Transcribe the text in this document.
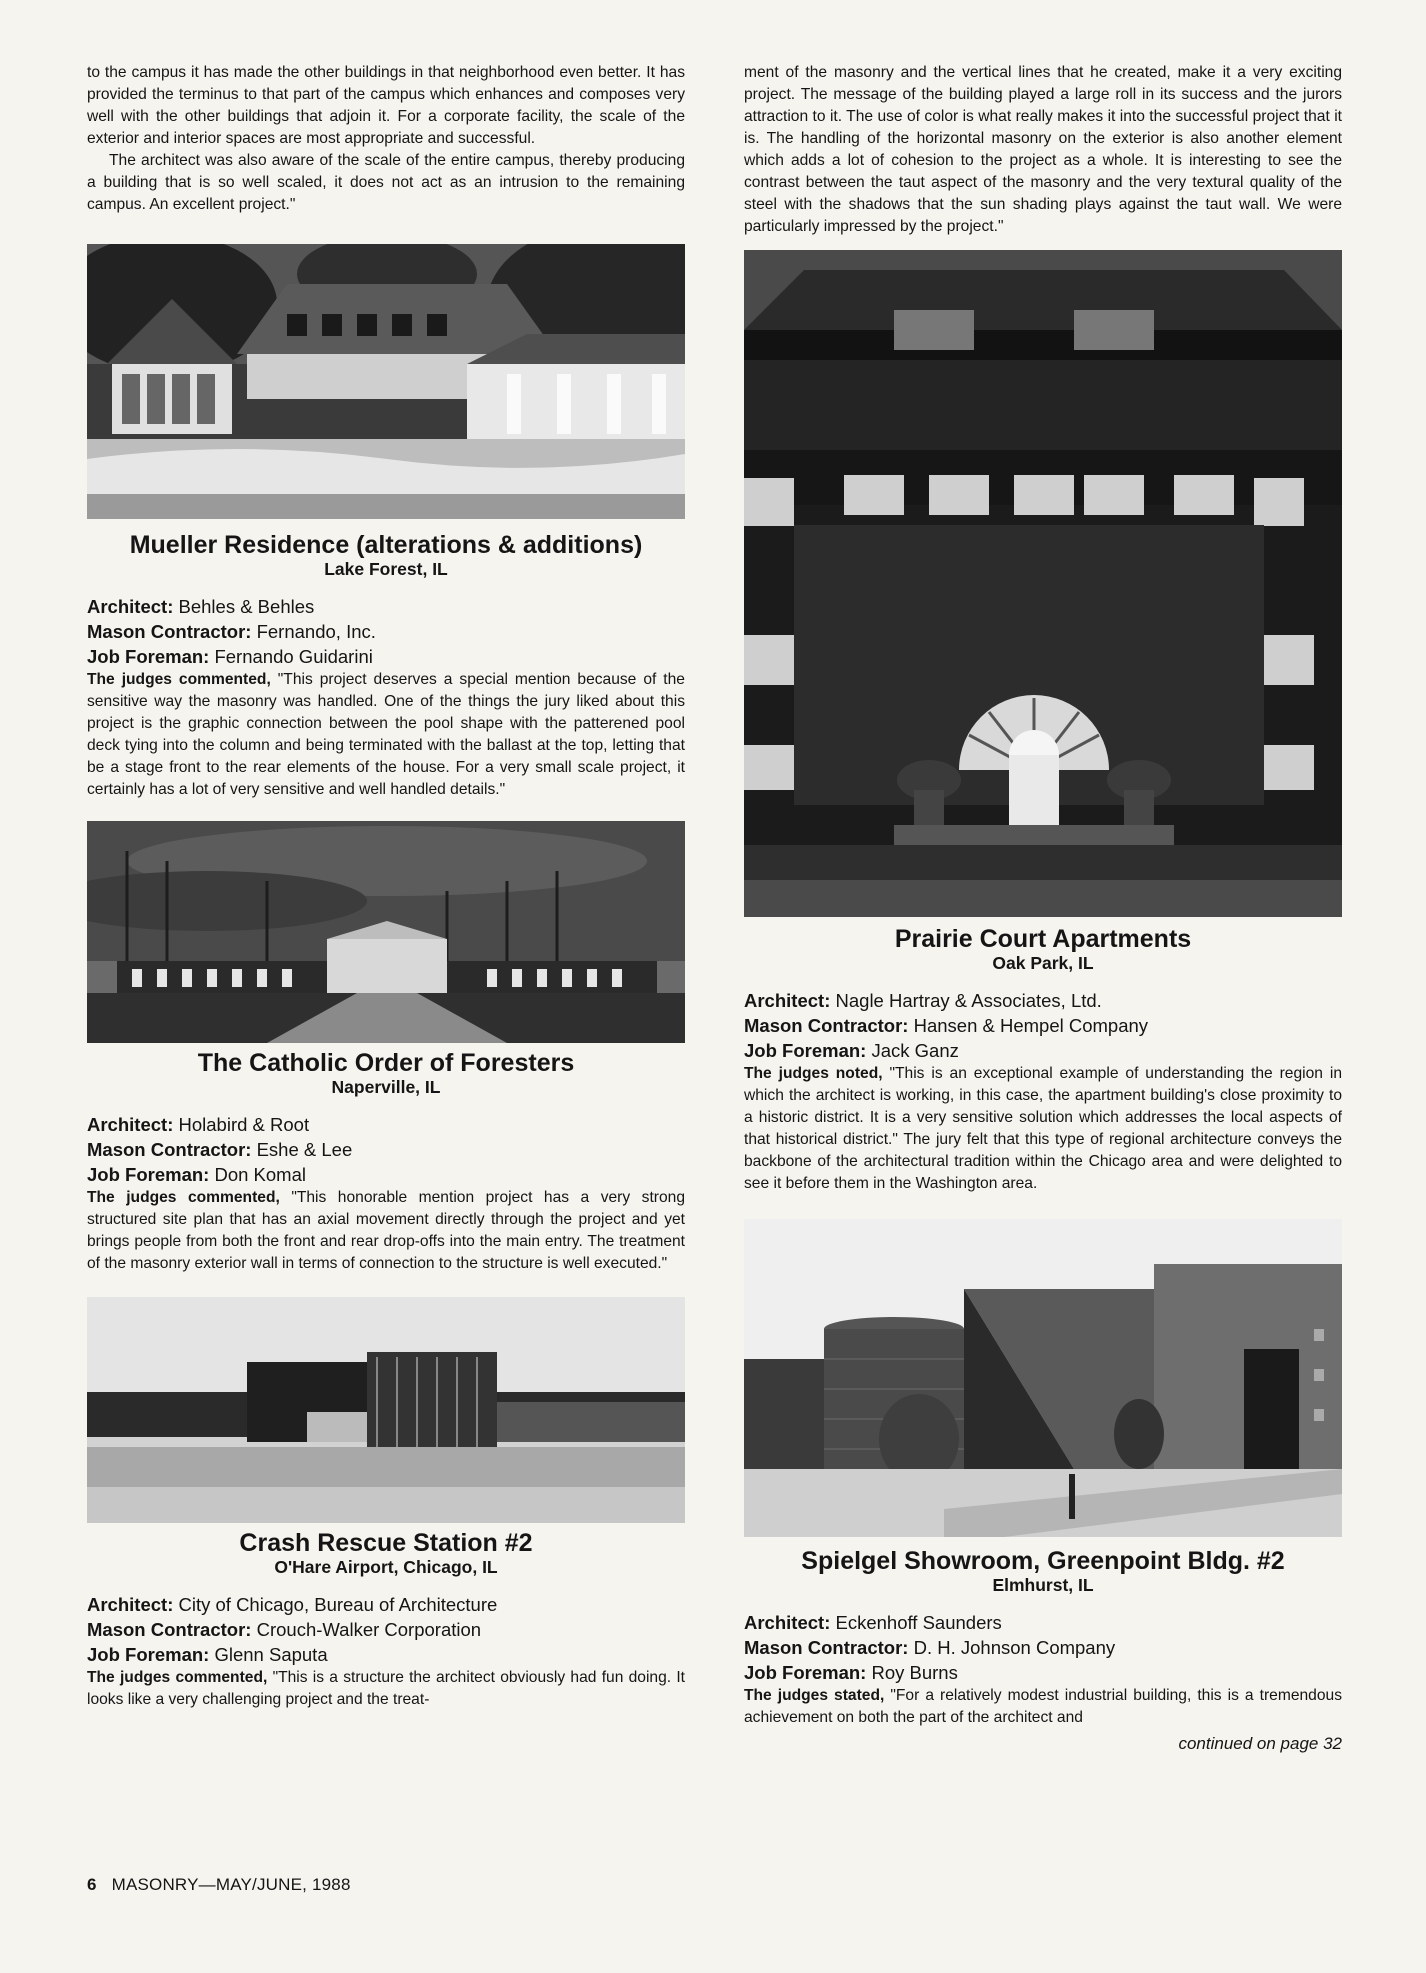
to the campus it has made the other buildings in that neighborhood even better. It has provided the terminus to that part of the campus which enhances and composes very well with the other buildings that adjoin it. For a corporate facility, the scale of the exterior and interior spaces are most appropriate and successful.

The architect was also aware of the scale of the entire campus, thereby producing a building that is so well scaled, it does not act as an intrusion to the remaining campus. An excellent project."

Mueller Residence (alterations & additions)

Lake Forest, IL

Architect: Behles & Behles
Mason Contractor: Fernando, Inc.
Job Foreman: Fernando Guidarini

The judges commented, "This project deserves a special mention because of the sensitive way the masonry was handled. One of the things the jury liked about this project is the graphic connection between the pool shape with the patterened pool deck tying into the column and being terminated with the ballast at the top, letting that be a stage front to the rear elements of the house. For a very small scale project, it certainly has a lot of very sensitive and well handled details."

The Catholic Order of Foresters

Naperville, IL

Architect: Holabird & Root
Mason Contractor: Eshe & Lee
Job Foreman: Don Komal

The judges commented, "This honorable mention project has a very strong structured site plan that has an axial movement directly through the project and yet brings people from both the front and rear drop-offs into the main entry. The treatment of the masonry exterior wall in terms of connection to the structure is well executed."

Crash Rescue Station #2

O'Hare Airport, Chicago, IL

Architect: City of Chicago, Bureau of Architecture
Mason Contractor: Crouch-Walker Corporation
Job Foreman: Glenn Saputa

The judges commented, "This is a structure the architect obviously had fun doing. It looks like a very challenging project and the treat-

ment of the masonry and the vertical lines that he created, make it a very exciting project. The message of the building played a large roll in its success and the jurors attraction to it. The use of color is what really makes it into the successful project that it is. The handling of the horizontal masonry on the exterior is also another element which adds a lot of cohesion to the project as a whole. It is interesting to see the contrast between the taut aspect of the masonry and the very textural quality of the steel with the shadows that the sun shading plays against the taut wall. We were particularly impressed by the project."

Prairie Court Apartments

Oak Park, IL

Architect: Nagle Hartray & Associates, Ltd.
Mason Contractor: Hansen & Hempel Company
Job Foreman: Jack Ganz

The judges noted, "This is an exceptional example of understanding the region in which the architect is working, in this case, the apartment building's close proximity to a historic district. It is a very sensitive solution which addresses the local aspects of that historical district." The jury felt that this type of regional architecture conveys the backbone of the architectural tradition within the Chicago area and were delighted to see it before them in the Washington area.

Spielgel Showroom, Greenpoint Bldg. #2

Elmhurst, IL

Architect: Eckenhoff Saunders
Mason Contractor: D. H. Johnson Company
Job Foreman: Roy Burns

The judges stated, "For a relatively modest industrial building, this is a tremendous achievement on both the part of the architect and

continued on page 32

6 MASONRY—MAY/JUNE, 1988
